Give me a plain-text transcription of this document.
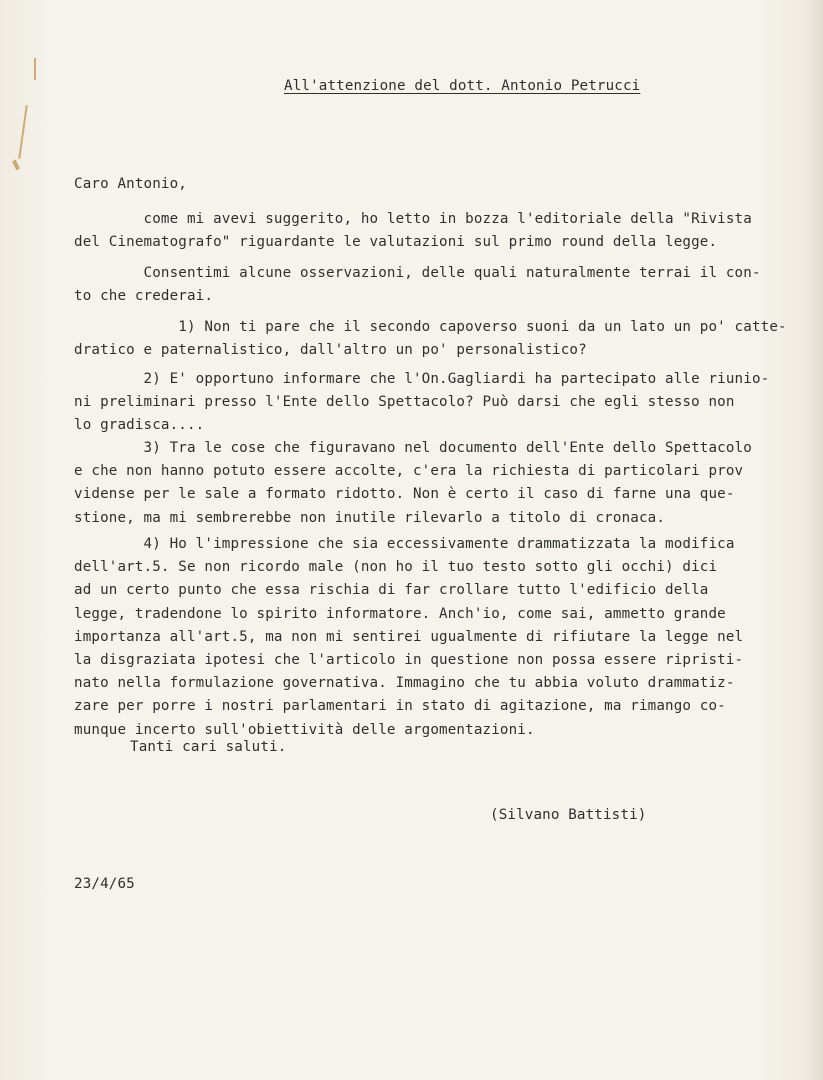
All'attenzione del dott. Antonio Petrucci
Caro Antonio,
come mi avevi suggerito, ho letto in bozza l'editoriale della "Rivista
del Cinematografo" riguardante le valutazioni sul primo round della legge.
Consentimi alcune osservazioni, delle quali naturalmente terrai il con-
to che crederai.
1) Non ti pare che il secondo capoverso suoni da un lato un po' catte-
dratico e paternalistico, dall'altro un po' personalistico?
2) E' opportuno informare che l'On.Gagliardi ha partecipato alle riunio-
ni preliminari presso l'Ente dello Spettacolo? Può darsi che egli stesso non
lo gradisca....
3) Tra le cose che figuravano nel documento dell'Ente dello Spettacolo
e che non hanno potuto essere accolte, c'era la richiesta di particolari prov
vidense per le sale a formato ridotto. Non è certo il caso di farne una que-
stione, ma mi sembrerebbe non inutile rilevarlo a titolo di cronaca.
4) Ho l'impressione che sia eccessivamente drammatizzata la modifica
dell'art.5. Se non ricordo male (non ho il tuo testo sotto gli occhi) dici
ad un certo punto che essa rischia di far crollare tutto l'edificio della
legge, tradendone lo spirito informatore. Anch'io, come sai, ammetto grande
importanza all'art.5, ma non mi sentirei ugualmente di rifiutare la legge nel
la disgraziata ipotesi che l'articolo in questione non possa essere ripristi-
nato nella formulazione governativa. Immagino che tu abbia voluto drammatiz-
zare per porre i nostri parlamentari in stato di agitazione, ma rimango co-
munque incerto sull'obiettività delle argomentazioni.
Tanti cari saluti.
(Silvano Battisti)
23/4/65
